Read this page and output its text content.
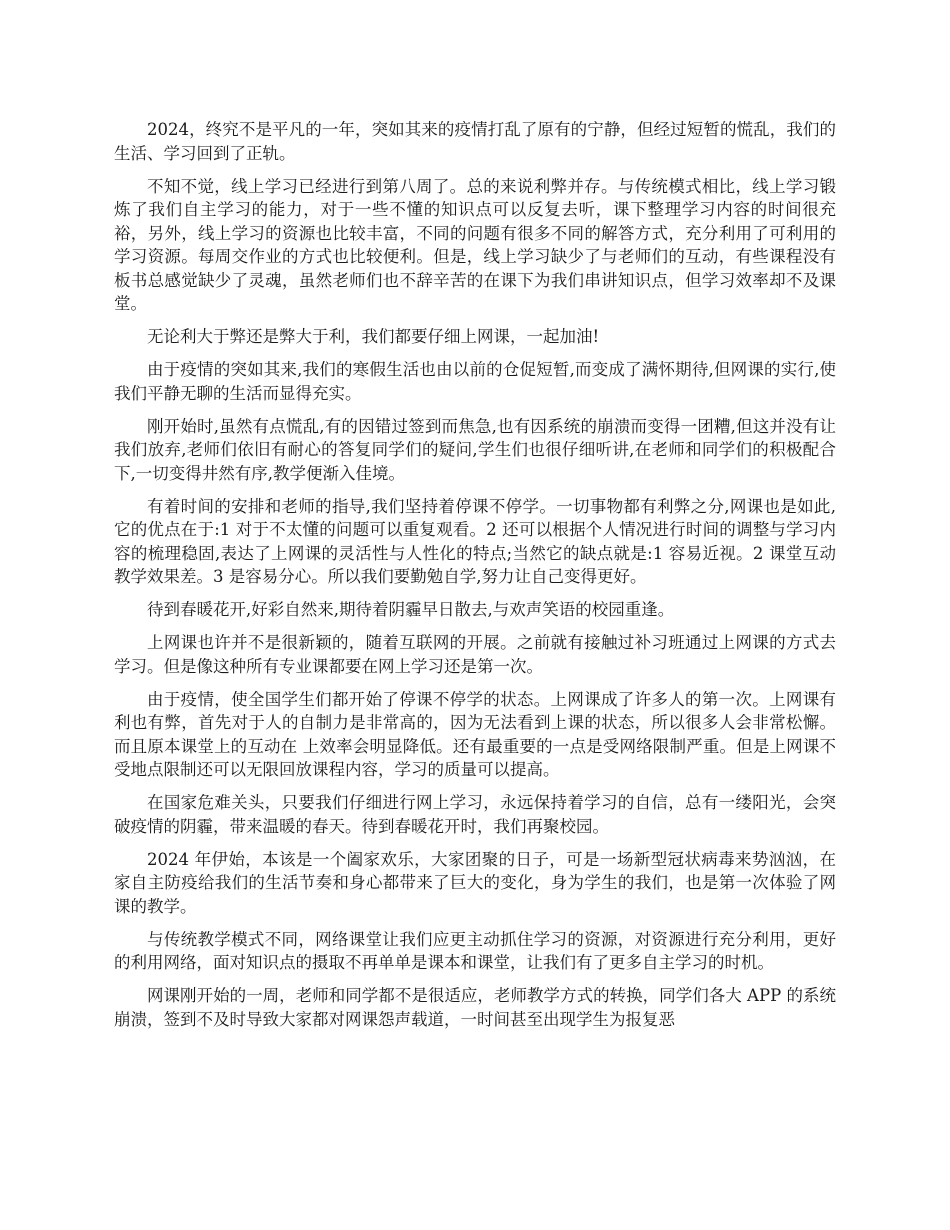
2024，终究不是平凡的一年，突如其来的疫情打乱了原有的宁静，但经过短暂的慌乱，我们的生活、学习回到了正轨。

不知不觉，线上学习已经进行到第八周了。总的来说利弊并存。与传统模式相比，线上学习锻炼了我们自主学习的能力，对于一些不懂的知识点可以反复去听，课下整理学习内容的时间很充裕，另外，线上学习的资源也比较丰富，不同的问题有很多不同的解答方式，充分利用了可利用的学习资源。每周交作业的方式也比较便利。但是，线上学习缺少了与老师们的互动，有些课程没有板书总感觉缺少了灵魂，虽然老师们也不辞辛苦的在课下为我们串讲知识点，但学习效率却不及课堂。

无论利大于弊还是弊大于利，我们都要仔细上网课，一起加油!

由于疫情的突如其来,我们的寒假生活也由以前的仓促短暂,而变成了满怀期待,但网课的实行,使我们平静无聊的生活而显得充实。

刚开始时,虽然有点慌乱,有的因错过签到而焦急,也有因系统的崩溃而变得一团糟,但这并没有让我们放弃,老师们依旧有耐心的答复同学们的疑问,学生们也很仔细听讲,在老师和同学们的积极配合下,一切变得井然有序,教学便渐入佳境。

有着时间的安排和老师的指导,我们坚持着停课不停学。一切事物都有利弊之分,网课也是如此,它的优点在于:1 对于不太懂的问题可以重复观看。2 还可以根据个人情况进行时间的调整与学习内容的梳理稳固,表达了上网课的灵活性与人性化的特点;当然它的缺点就是:1 容易近视。2 课堂互动教学效果差。3 是容易分心。所以我们要勤勉自学,努力让自己变得更好。

待到春暖花开,好彩自然来,期待着阴霾早日散去,与欢声笑语的校园重逢。

上网课也许并不是很新颖的，随着互联网的开展。之前就有接触过补习班通过上网课的方式去学习。但是像这种所有专业课都要在网上学习还是第一次。

由于疫情，使全国学生们都开始了停课不停学的状态。上网课成了许多人的第一次。上网课有利也有弊，首先对于人的自制力是非常高的，因为无法看到上课的状态，所以很多人会非常松懈。而且原本课堂上的互动在 上效率会明显降低。还有最重要的一点是受网络限制严重。但是上网课不受地点限制还可以无限回放课程内容，学习的质量可以提高。

在国家危难关头，只要我们仔细进行网上学习，永远保持着学习的自信，总有一缕阳光，会突破疫情的阴霾，带来温暖的春天。待到春暖花开时，我们再聚校园。

2024 年伊始，本该是一个阖家欢乐，大家团聚的日子，可是一场新型冠状病毒来势汹汹，在家自主防疫给我们的生活节奏和身心都带来了巨大的变化，身为学生的我们，也是第一次体验了网课的教学。

与传统教学模式不同，网络课堂让我们应更主动抓住学习的资源，对资源进行充分利用，更好的利用网络，面对知识点的摄取不再单单是课本和课堂，让我们有了更多自主学习的时机。

网课刚开始的一周，老师和同学都不是很适应，老师教学方式的转换，同学们各大 APP 的系统崩溃，签到不及时导致大家都对网课怨声载道，一时间甚至出现学生为报复恶
